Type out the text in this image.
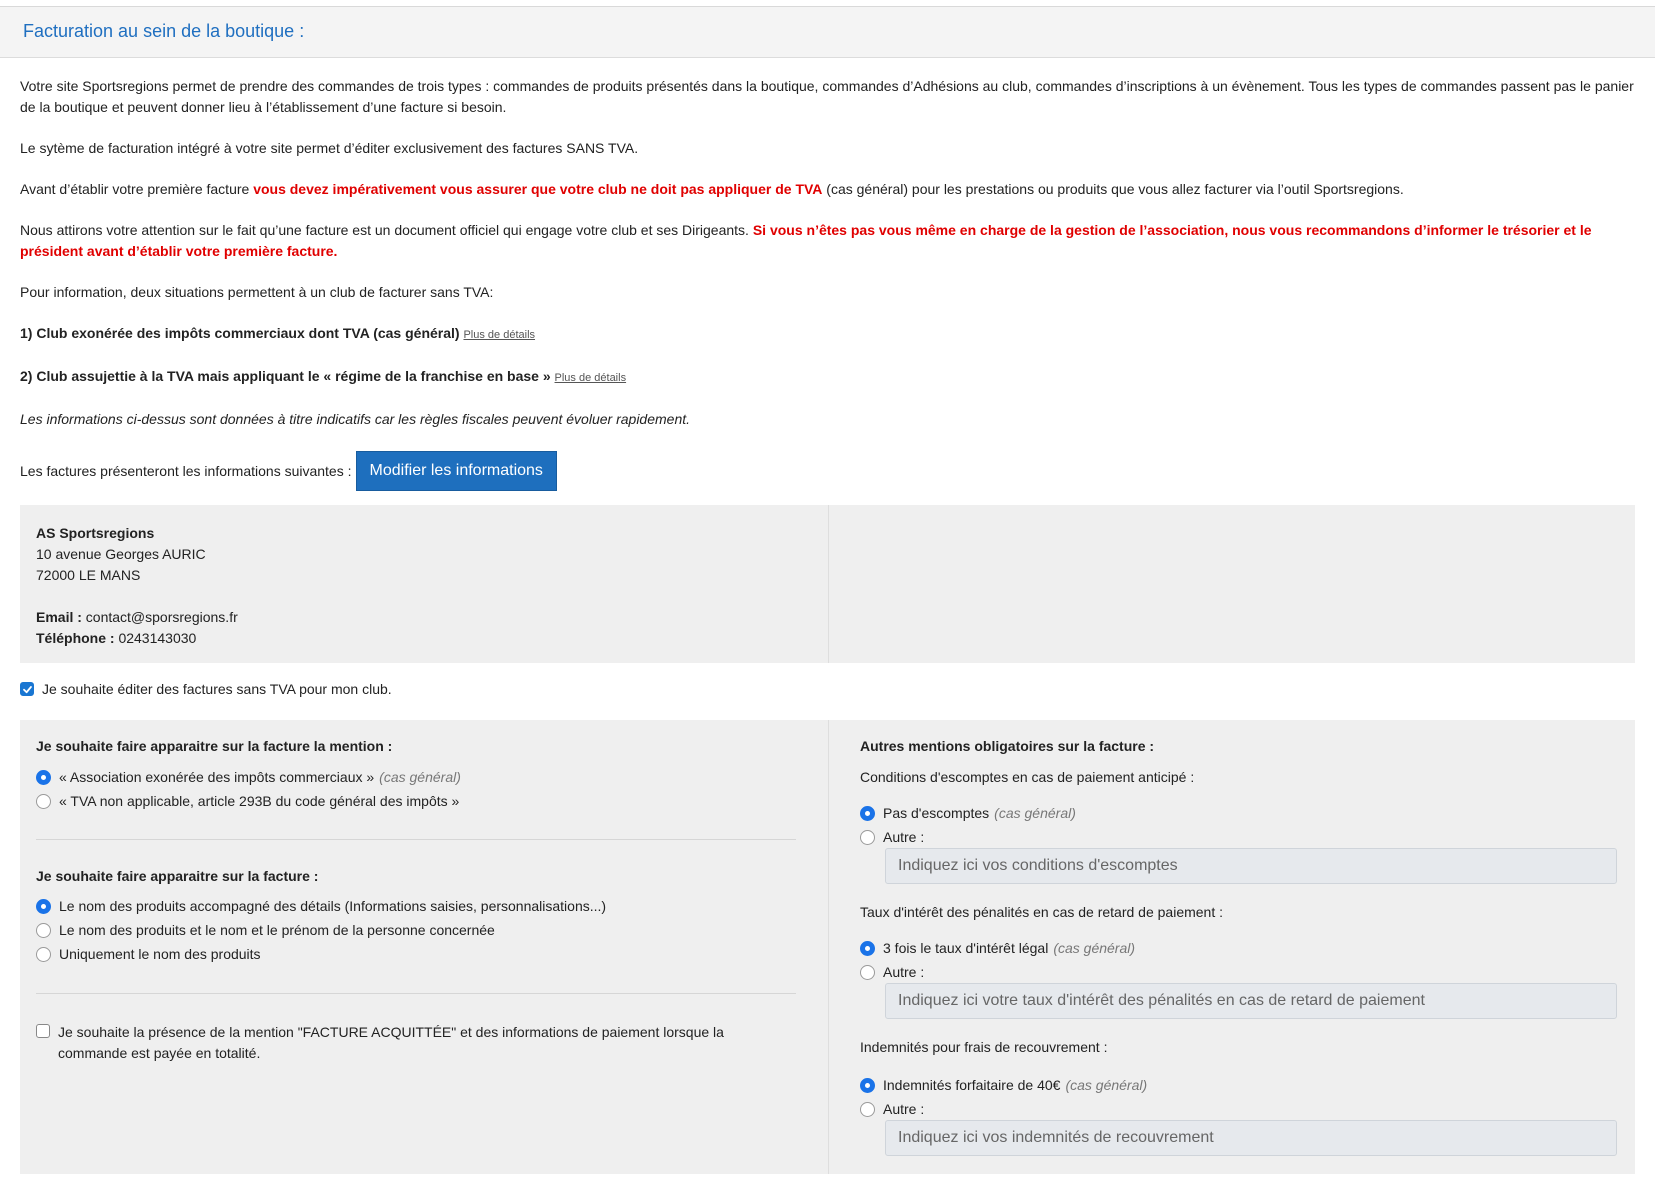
Facturation au sein de la boutique :

Votre site Sportsregions permet de prendre des commandes de trois types : commandes de produits présentés dans la boutique, commandes d’Adhésions au club, commandes d’inscriptions à un évènement. Tous les types de commandes passent pas le panier de la boutique et peuvent donner lieu à l’établissement d’une facture si besoin.

Le sytème de facturation intégré à votre site permet d’éditer exclusivement des factures SANS TVA.

Avant d’établir votre première facture vous devez impérativement vous assurer que votre club ne doit pas appliquer de TVA (cas général) pour les prestations ou produits que vous allez facturer via l’outil Sportsregions.

Nous attirons votre attention sur le fait qu’une facture est un document officiel qui engage votre club et ses Dirigeants. Si vous n’êtes pas vous même en charge de la gestion de l’association, nous vous recommandons d’informer le trésorier et le président avant d’établir votre première facture.

Pour information, deux situations permettent à un club de facturer sans TVA:

1) Club exonérée des impôts commerciaux dont TVA (cas général) Plus de détails

2) Club assujettie à la TVA mais appliquant le « régime de la franchise en base » Plus de détails

Les informations ci-dessus sont données à titre indicatifs car les règles fiscales peuvent évoluer rapidement.

Les factures présenteront les informations suivantes :	Modifier les informations
AS Sportsregions
10 avenue Georges AURIC
72000 LE MANS
Email : contact@sporsregions.fr
Téléphone : 0243143030
Je souhaite éditer des factures sans TVA pour mon club.
Je souhaite faire apparaitre sur la facture la mention :
« Association exonérée des impôts commerciaux » (cas général)
« TVA non applicable, article 293B du code général des impôts »
Je souhaite faire apparaitre sur la facture :
Le nom des produits accompagné des détails (Informations saisies, personnalisations...)
Le nom des produits et le nom et le prénom de la personne concernée
Uniquement le nom des produits
Je souhaite la présence de la mention "FACTURE ACQUITTÉE" et des informations de paiement lorsque la commande est payée en totalité.
Autres mentions obligatoires sur la facture :
Conditions d'escomptes en cas de paiement anticipé :
Pas d'escomptes (cas général)
Autre :
Indiquez ici vos conditions d'escomptes
Taux d'intérêt des pénalités en cas de retard de paiement :
3 fois le taux d'intérêt légal (cas général)
Autre :
Indiquez ici votre taux d'intérêt des pénalités en cas de retard de paiement
Indemnités pour frais de recouvrement :
Indemnités forfaitaire de 40€ (cas général)
Autre :
Indiquez ici vos indemnités de recouvrement
